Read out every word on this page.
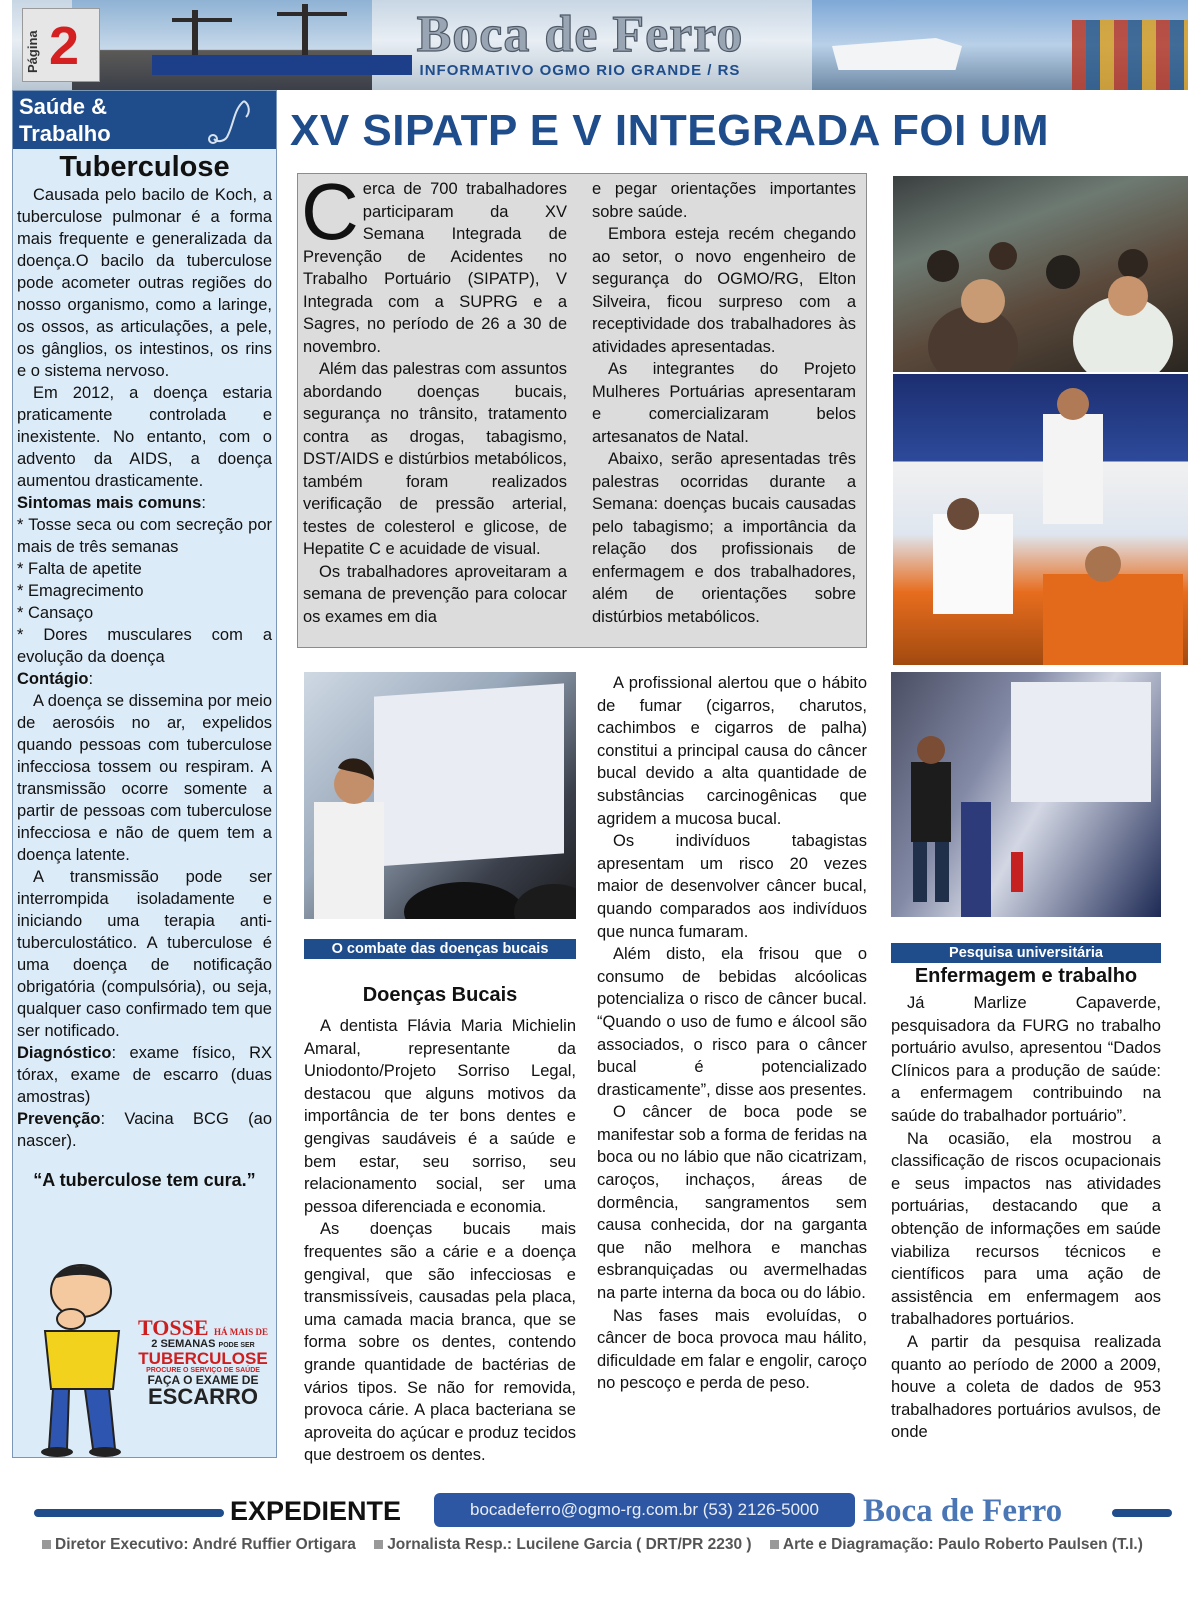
Página 2	Boca de Ferro
INFORMATIVO OGMO RIO GRANDE / RS
Saúde &
Trabalho
Tuberculose

Causada pelo bacilo de Koch, a tuberculose pulmonar é a forma mais frequente e generalizada da doença.O bacilo da tuberculose pode acometer outras regiões do nosso organismo, como a laringe, os ossos, as articulações, a pele, os gânglios, os intestinos, os rins e o sistema nervoso.

Em 2012, a doença estaria praticamente controlada e inexistente. No entanto, com o advento da AIDS, a doença aumentou drasticamente.

Sintomas mais comuns:
* Tosse seca ou com secreção por mais de três semanas
* Falta de apetite
* Emagrecimento
* Cansaço
* Dores musculares com a evolução da doença
Contágio:

A doença se dissemina por meio de aerosóis no ar, expelidos quando pessoas com tuberculose infecciosa tossem ou respiram. A transmissão ocorre somente a partir de pessoas com tuberculose infecciosa e não de quem tem a doença latente.

A transmissão pode ser interrompida isoladamente e iniciando uma terapia anti-tuberculostático. A tuberculose é uma doença de notificação obrigatória (compulsória), ou seja, qualquer caso confirmado tem que ser notificado.

Diagnóstico: exame físico, RX tórax, exame de escarro (duas amostras)
Prevenção: Vacina BCG (ao nascer).
“A tuberculose tem cura.”
TOSSE HÁ MAIS DE
2 SEMANAS PODE SER
TUBERCULOSE
PROCURE O SERVIÇO DE SAÚDE
FAÇA O EXAME DE
ESCARRO
XV SIPATP E V INTEGRADA FOI UM

Cerca de 700 trabalhadores participaram da XV Semana Integrada de Prevenção de Acidentes no Trabalho Portuário (SIPATP), V Integrada com a SUPRG e a Sagres, no período de 26 a 30 de novembro.

Além das palestras com assuntos abordando doenças bucais, segurança no trânsito, tratamento contra as drogas, tabagismo, DST/AIDS e distúrbios metabólicos, também foram realizados verificação de pressão arterial, testes de colesterol e glicose, de Hepatite C e acuidade de visual.

Os trabalhadores aproveitaram a semana de prevenção para colocar os exames em dia

e pegar orientações importantes sobre saúde.

Embora esteja recém chegando ao setor, o novo engenheiro de segurança do OGMO/RG, Elton Silveira, ficou surpreso com a receptividade dos trabalhadores às atividades apresentadas.

As integrantes do Projeto Mulheres Portuárias apresentaram e comercializaram belos artesanatos de Natal.

Abaixo, serão apresentadas três palestras ocorridas durante a Semana: doenças bucais causadas pelo tabagismo; a importância da relação dos profissionais de enfermagem e dos trabalhadores, além de orientações sobre distúrbios metabólicos.

O combate das doenças bucais	Pesquisa universitária
Doenças Bucais

A dentista Flávia Maria Michielin Amaral, representante da Uniodonto/Projeto Sorriso Legal, destacou que alguns motivos da importância de ter bons dentes e gengivas saudáveis é a saúde e bem estar, seu sorriso, seu relacionamento social, ser uma pessoa diferenciada e economia.

As doenças bucais mais frequentes são a cárie e a doença gengival, que são infecciosas e transmissíveis, causadas pela placa, uma camada macia branca, que se forma sobre os dentes, contendo grande quantidade de bactérias de vários tipos. Se não for removida, provoca cárie. A placa bacteriana se aproveita do açúcar e produz tecidos que destroem os dentes.

A profissional alertou que o hábito de fumar (cigarros, charutos, cachimbos e cigarros de palha) constitui a principal causa do câncer bucal devido a alta quantidade de substâncias carcinogênicas que agridem a mucosa bucal.

Os indivíduos tabagistas apresentam um risco 20 vezes maior de desenvolver câncer bucal, quando comparados aos indivíduos que nunca fumaram.

Além disto, ela frisou que o consumo de bebidas alcóolicas potencializa o risco de câncer bucal. “Quando o uso de fumo e álcool são associados, o risco para o câncer bucal é potencializado drasticamente”, disse aos presentes.

O câncer de boca pode se manifestar sob a forma de feridas na boca ou no lábio que não cicatrizam, caroços, inchaços, áreas de dormência, sangramentos sem causa conhecida, dor na garganta que não melhora e manchas esbranquiçadas ou avermelhadas na parte interna da boca ou do lábio.

Nas fases mais evoluídas, o câncer de boca provoca mau hálito, dificuldade em falar e engolir, caroço no pescoço e perda de peso.

Enfermagem e trabalho

Já Marlize Capaverde, pesquisadora da FURG no trabalho portuário avulso, apresentou “Dados Clínicos para a produção de saúde: a enfermagem contribuindo na saúde do trabalhador portuário”.

Na ocasião, ela mostrou a classificação de riscos ocupacionais e seus impactos nas atividades portuárias, destacando que a obtenção de informações em saúde viabiliza recursos técnicos e científicos para uma ação de assistência em enfermagem aos trabalhadores portuários.

A partir da pesquisa realizada quanto ao período de 2000 a 2009, houve a coleta de dados de 953 trabalhadores portuários avulsos, de onde

EXPEDIENTE	bocadeferro@ogmo-rg.com.br (53) 2126-5000	Boca de Ferro
Diretor Executivo: André Ruffier Ortigara Jornalista Resp.: Lucilene Garcia ( DRT/PR 2230 ) Arte e Diagramação: Paulo Roberto Paulsen (T.I.)
